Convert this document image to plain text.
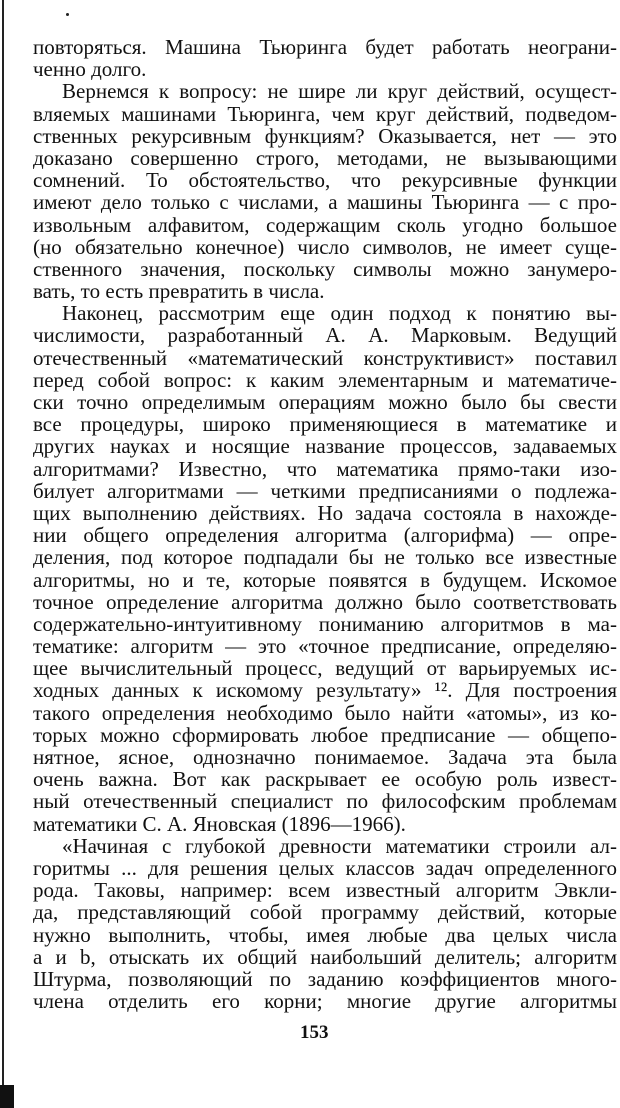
повторяться. Машина Тьюринга будет работать неограни-
ченно долго.
Вернемся к вопросу: не шире ли круг действий, осущест-
вляемых машинами Тьюринга, чем круг действий, подведом-
ственных рекурсивным функциям? Оказывается, нет — это
доказано совершенно строго, методами, не вызывающими
сомнений. То обстоятельство, что рекурсивные функции
имеют дело только с числами, а машины Тьюринга — с про-
извольным алфавитом, содержащим сколь угодно большое
(но обязательно конечное) число символов, не имеет суще-
ственного значения, поскольку символы можно занумеро-
вать, то есть превратить в числа.
Наконец, рассмотрим еще один подход к понятию вы-
числимости, разработанный А. А. Марковым. Ведущий
отечественный «математический конструктивист» поставил
перед собой вопрос: к каким элементарным и математиче-
ски точно определимым операциям можно было бы свести
все процедуры, широко применяющиеся в математике и
других науках и носящие название процессов, задаваемых
алгоритмами? Известно, что математика прямо-таки изо-
билует алгоритмами — четкими предписаниями о подлежа-
щих выполнению действиях. Но задача состояла в нахожде-
нии общего определения алгоритма (алгорифма) — опре-
деления, под которое подпадали бы не только все известные
алгоритмы, но и те, которые появятся в будущем. Искомое
точное определение алгоритма должно было соответствовать
содержательно-интуитивному пониманию алгоритмов в ма-
тематике: алгоритм — это «точное предписание, определяю-
щее вычислительный процесс, ведущий от варьируемых ис-
ходных данных к искомому результату» ¹². Для построения
такого определения необходимо было найти «атомы», из ко-
торых можно сформировать любое предписание — общепо-
нятное, ясное, однозначно понимаемое. Задача эта была
очень важна. Вот как раскрывает ее особую роль извест-
ный отечественный специалист по философским проблемам
математики С. А. Яновская (1896—1966).
«Начиная с глубокой древности математики строили ал-
горитмы ... для решения целых классов задач определенного
рода. Таковы, например: всем известный алгоритм Эвкли-
да, представляющий собой программу действий, которые
нужно выполнить, чтобы, имея любые два целых числа
a и b, отыскать их общий наибольший делитель; алгоритм
Штурма, позволяющий по заданию коэффициентов много-
члена отделить его корни; многие другие алгоритмы
153
